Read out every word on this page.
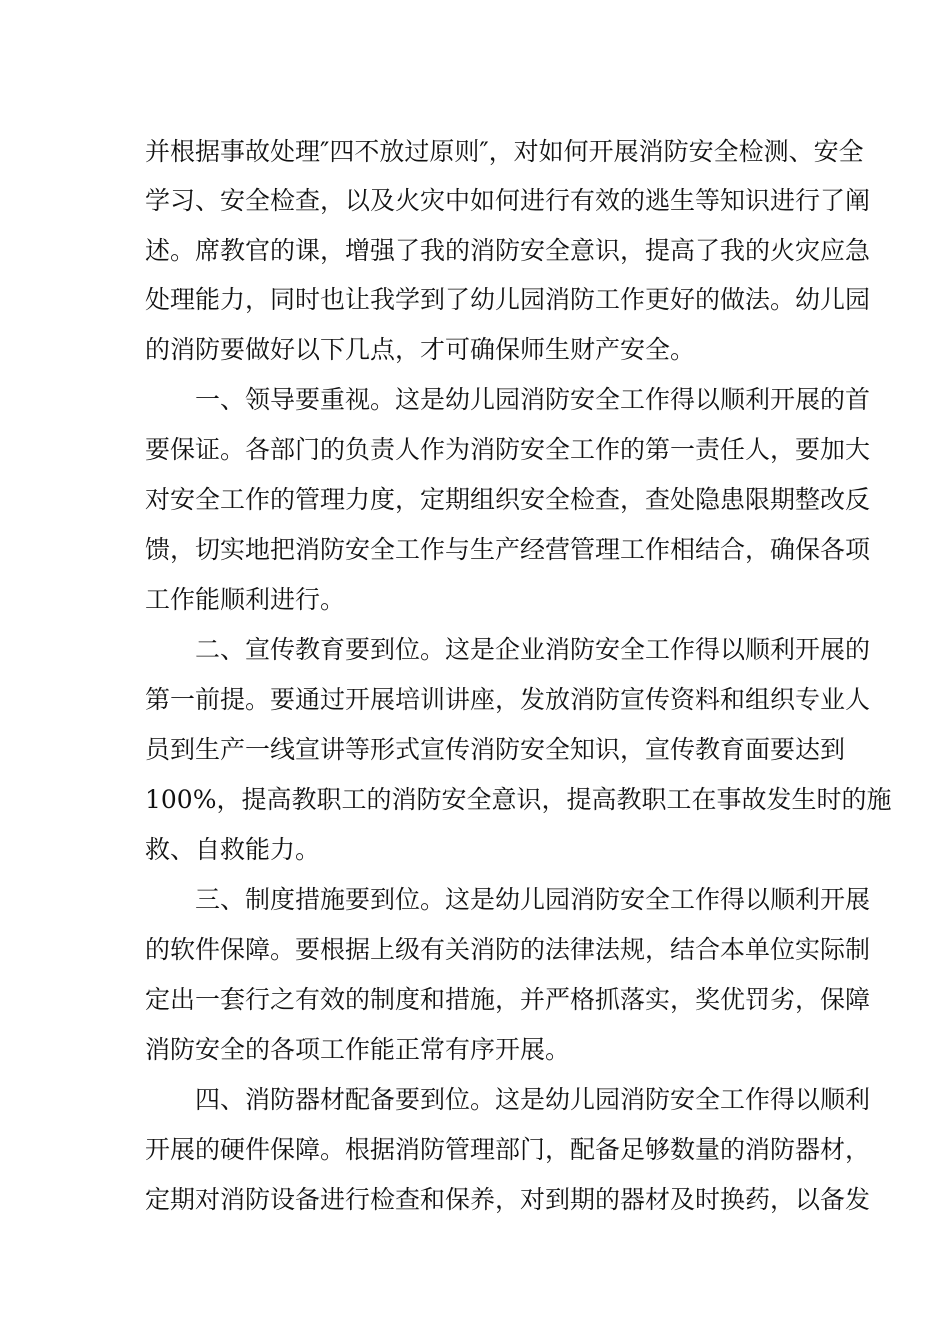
并根据事故处理″四不放过原则″，对如何开展消防安全检测、安全
学习、安全检查，以及火灾中如何进行有效的逃生等知识进行了阐
述。席教官的课，增强了我的消防安全意识，提高了我的火灾应急
处理能力，同时也让我学到了幼儿园消防工作更好的做法。幼儿园
的消防要做好以下几点，才可确保师生财产安全。
　　一、领导要重视。这是幼儿园消防安全工作得以顺利开展的首
要保证。各部门的负责人作为消防安全工作的第一责任人，要加大
对安全工作的管理力度，定期组织安全检查，查处隐患限期整改反
馈，切实地把消防安全工作与生产经营管理工作相结合，确保各项
工作能顺利进行。
　　二、宣传教育要到位。这是企业消防安全工作得以顺利开展的
第一前提。要通过开展培训讲座，发放消防宣传资料和组织专业人
员到生产一线宣讲等形式宣传消防安全知识，宣传教育面要达到
100%，提高教职工的消防安全意识，提高教职工在事故发生时的施
救、自救能力。
　　三、制度措施要到位。这是幼儿园消防安全工作得以顺利开展
的软件保障。要根据上级有关消防的法律法规，结合本单位实际制
定出一套行之有效的制度和措施，并严格抓落实，奖优罚劣，保障
消防安全的各项工作能正常有序开展。
　　四、消防器材配备要到位。这是幼儿园消防安全工作得以顺利
开展的硬件保障。根据消防管理部门，配备足够数量的消防器材，
定期对消防设备进行检查和保养，对到期的器材及时换药，以备发
